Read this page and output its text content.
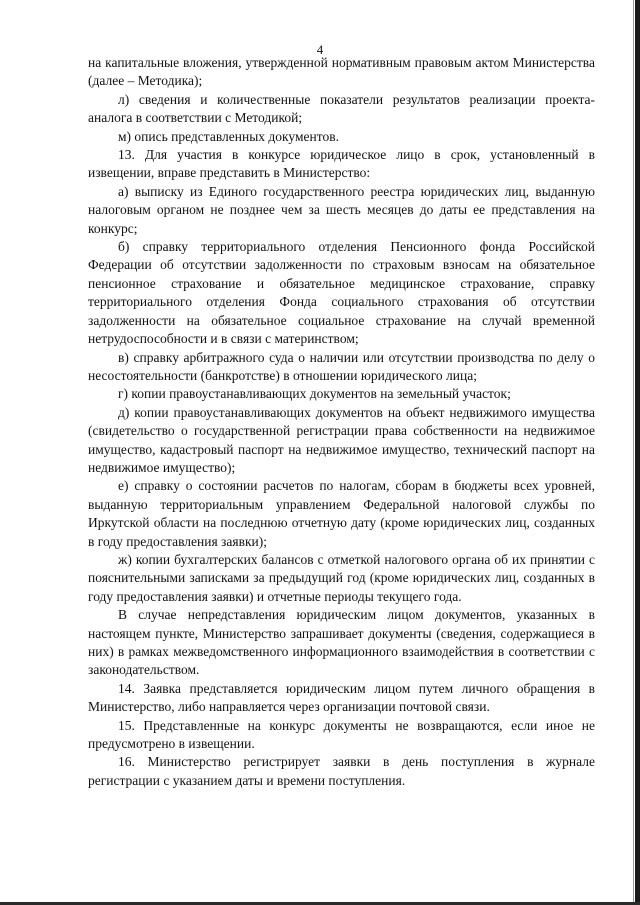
4

на капитальные вложения, утвержденной нормативным правовым актом Министерства (далее – Методика);

л) сведения и количественные показатели результатов реализации проекта-аналога в соответствии с Методикой;

м) опись представленных документов.

13. Для участия в конкурсе юридическое лицо в срок, установленный в извещении, вправе представить в Министерство:

а) выписку из Единого государственного реестра юридических лиц, выданную налоговым органом не позднее чем за шесть месяцев до даты ее представления на конкурс;

б) справку территориального отделения Пенсионного фонда Российской Федерации об отсутствии задолженности по страховым взносам на обязательное пенсионное страхование и обязательное медицинское страхование, справку территориального отделения Фонда социального страхования об отсутствии задолженности на обязательное социальное страхование на случай временной нетрудоспособности и в связи с материнством;

в) справку арбитражного суда о наличии или отсутствии производства по делу о несостоятельности (банкротстве) в отношении юридического лица;

г) копии правоустанавливающих документов на земельный участок;

д) копии правоустанавливающих документов на объект недвижимого имущества (свидетельство о государственной регистрации права собственности на недвижимое имущество, кадастровый паспорт на недвижимое имущество, технический паспорт на недвижимое имущество);

е) справку о состоянии расчетов по налогам, сборам в бюджеты всех уровней, выданную территориальным управлением Федеральной налоговой службы по Иркутской области на последнюю отчетную дату (кроме юридических лиц, созданных в году предоставления заявки);

ж) копии бухгалтерских балансов с отметкой налогового органа об их принятии с пояснительными записками за предыдущий год (кроме юридических лиц, созданных в году предоставления заявки) и отчетные периоды текущего года.

В случае непредставления юридическим лицом документов, указанных в настоящем пункте, Министерство запрашивает документы (сведения, содержащиеся в них) в рамках межведомственного информационного взаимодействия в соответствии с законодательством.

14. Заявка представляется юридическим лицом путем личного обращения в Министерство, либо направляется через организации почтовой связи.

15. Представленные на конкурс документы не возвращаются, если иное не предусмотрено в извещении.

16. Министерство регистрирует заявки в день поступления в журнале регистрации с указанием даты и времени поступления.
